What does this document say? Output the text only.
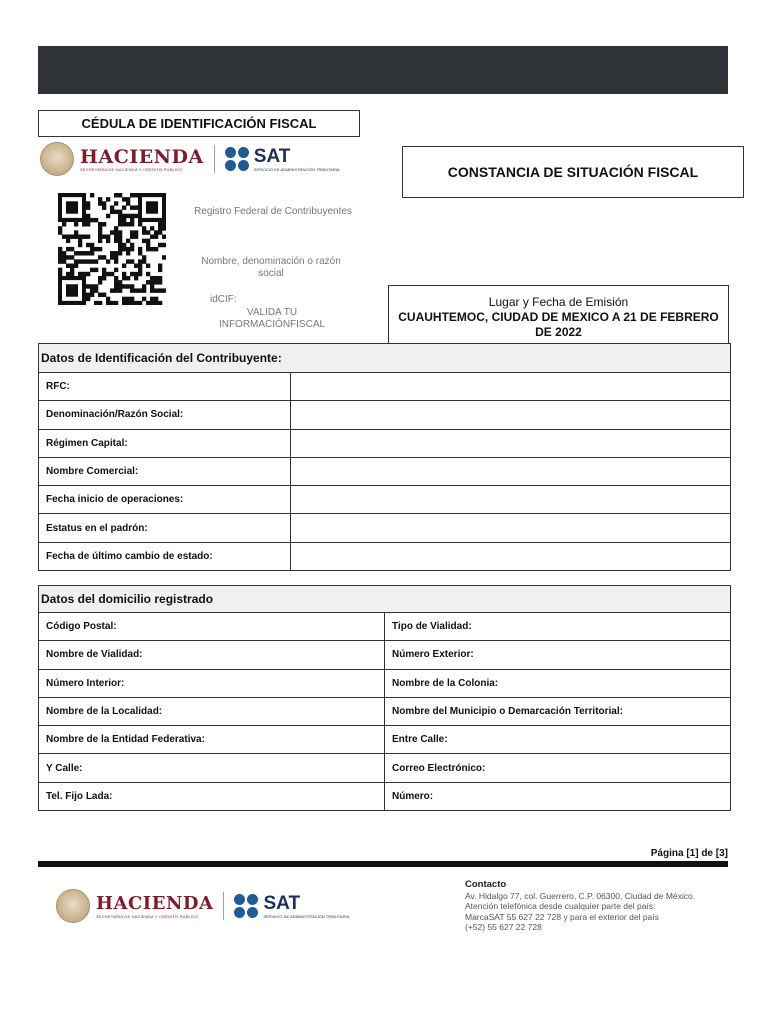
CÉDULA DE IDENTIFICACIÓN FISCAL
HACIENDA
SECRETARÍA DE HACIENDA Y CRÉDITO PÚBLICO
SAT
SERVICIO DE ADMINISTRACIÓN TRIBUTARIA	CONSTANCIA DE SITUACIÓN FISCAL
Registro Federal de Contribuyentes
Nombre, denominación o razón social
idCIF:
VALIDA TU INFORMACIÓNFISCAL
Lugar y Fecha de Emisión
CUAUHTEMOC, CIUDAD DE MEXICO A 21 DE FEBRERO DE 2022
Datos de Identificación del Contribuyente:	
RFC:	
Denominación/Razón Social:	
Régimen Capital:	
Nombre Comercial:	
Fecha inicio de operaciones:	
Estatus en el padrón:	
Fecha de último cambio de estado:	
Datos del domicilio registrado	
Código Postal:	Tipo de Vialidad:
Nombre de Vialidad:	Número Exterior:
Número Interior:	Nombre de la Colonia:
Nombre de la Localidad:	Nombre del Municipio o Demarcación Territorial:
Nombre de la Entidad Federativa:	Entre Calle:
Y Calle:	Correo Electrónico:
Tel. Fijo Lada:	Número:
Página [1] de [3]
HACIENDA
SECRETARÍA DE HACIENDA Y CRÉDITO PÚBLICO
SAT
SERVICIO DE ADMINISTRACIÓN TRIBUTARIA
Contacto
Av. Hidalgo 77, col. Guerrero, C.P. 06300, Ciudad de México.
Atención telefónica desde cualquier parte del país:
MarcaSAT 55 627 22 728 y para el exterior del país
(+52) 55 627 22 728
